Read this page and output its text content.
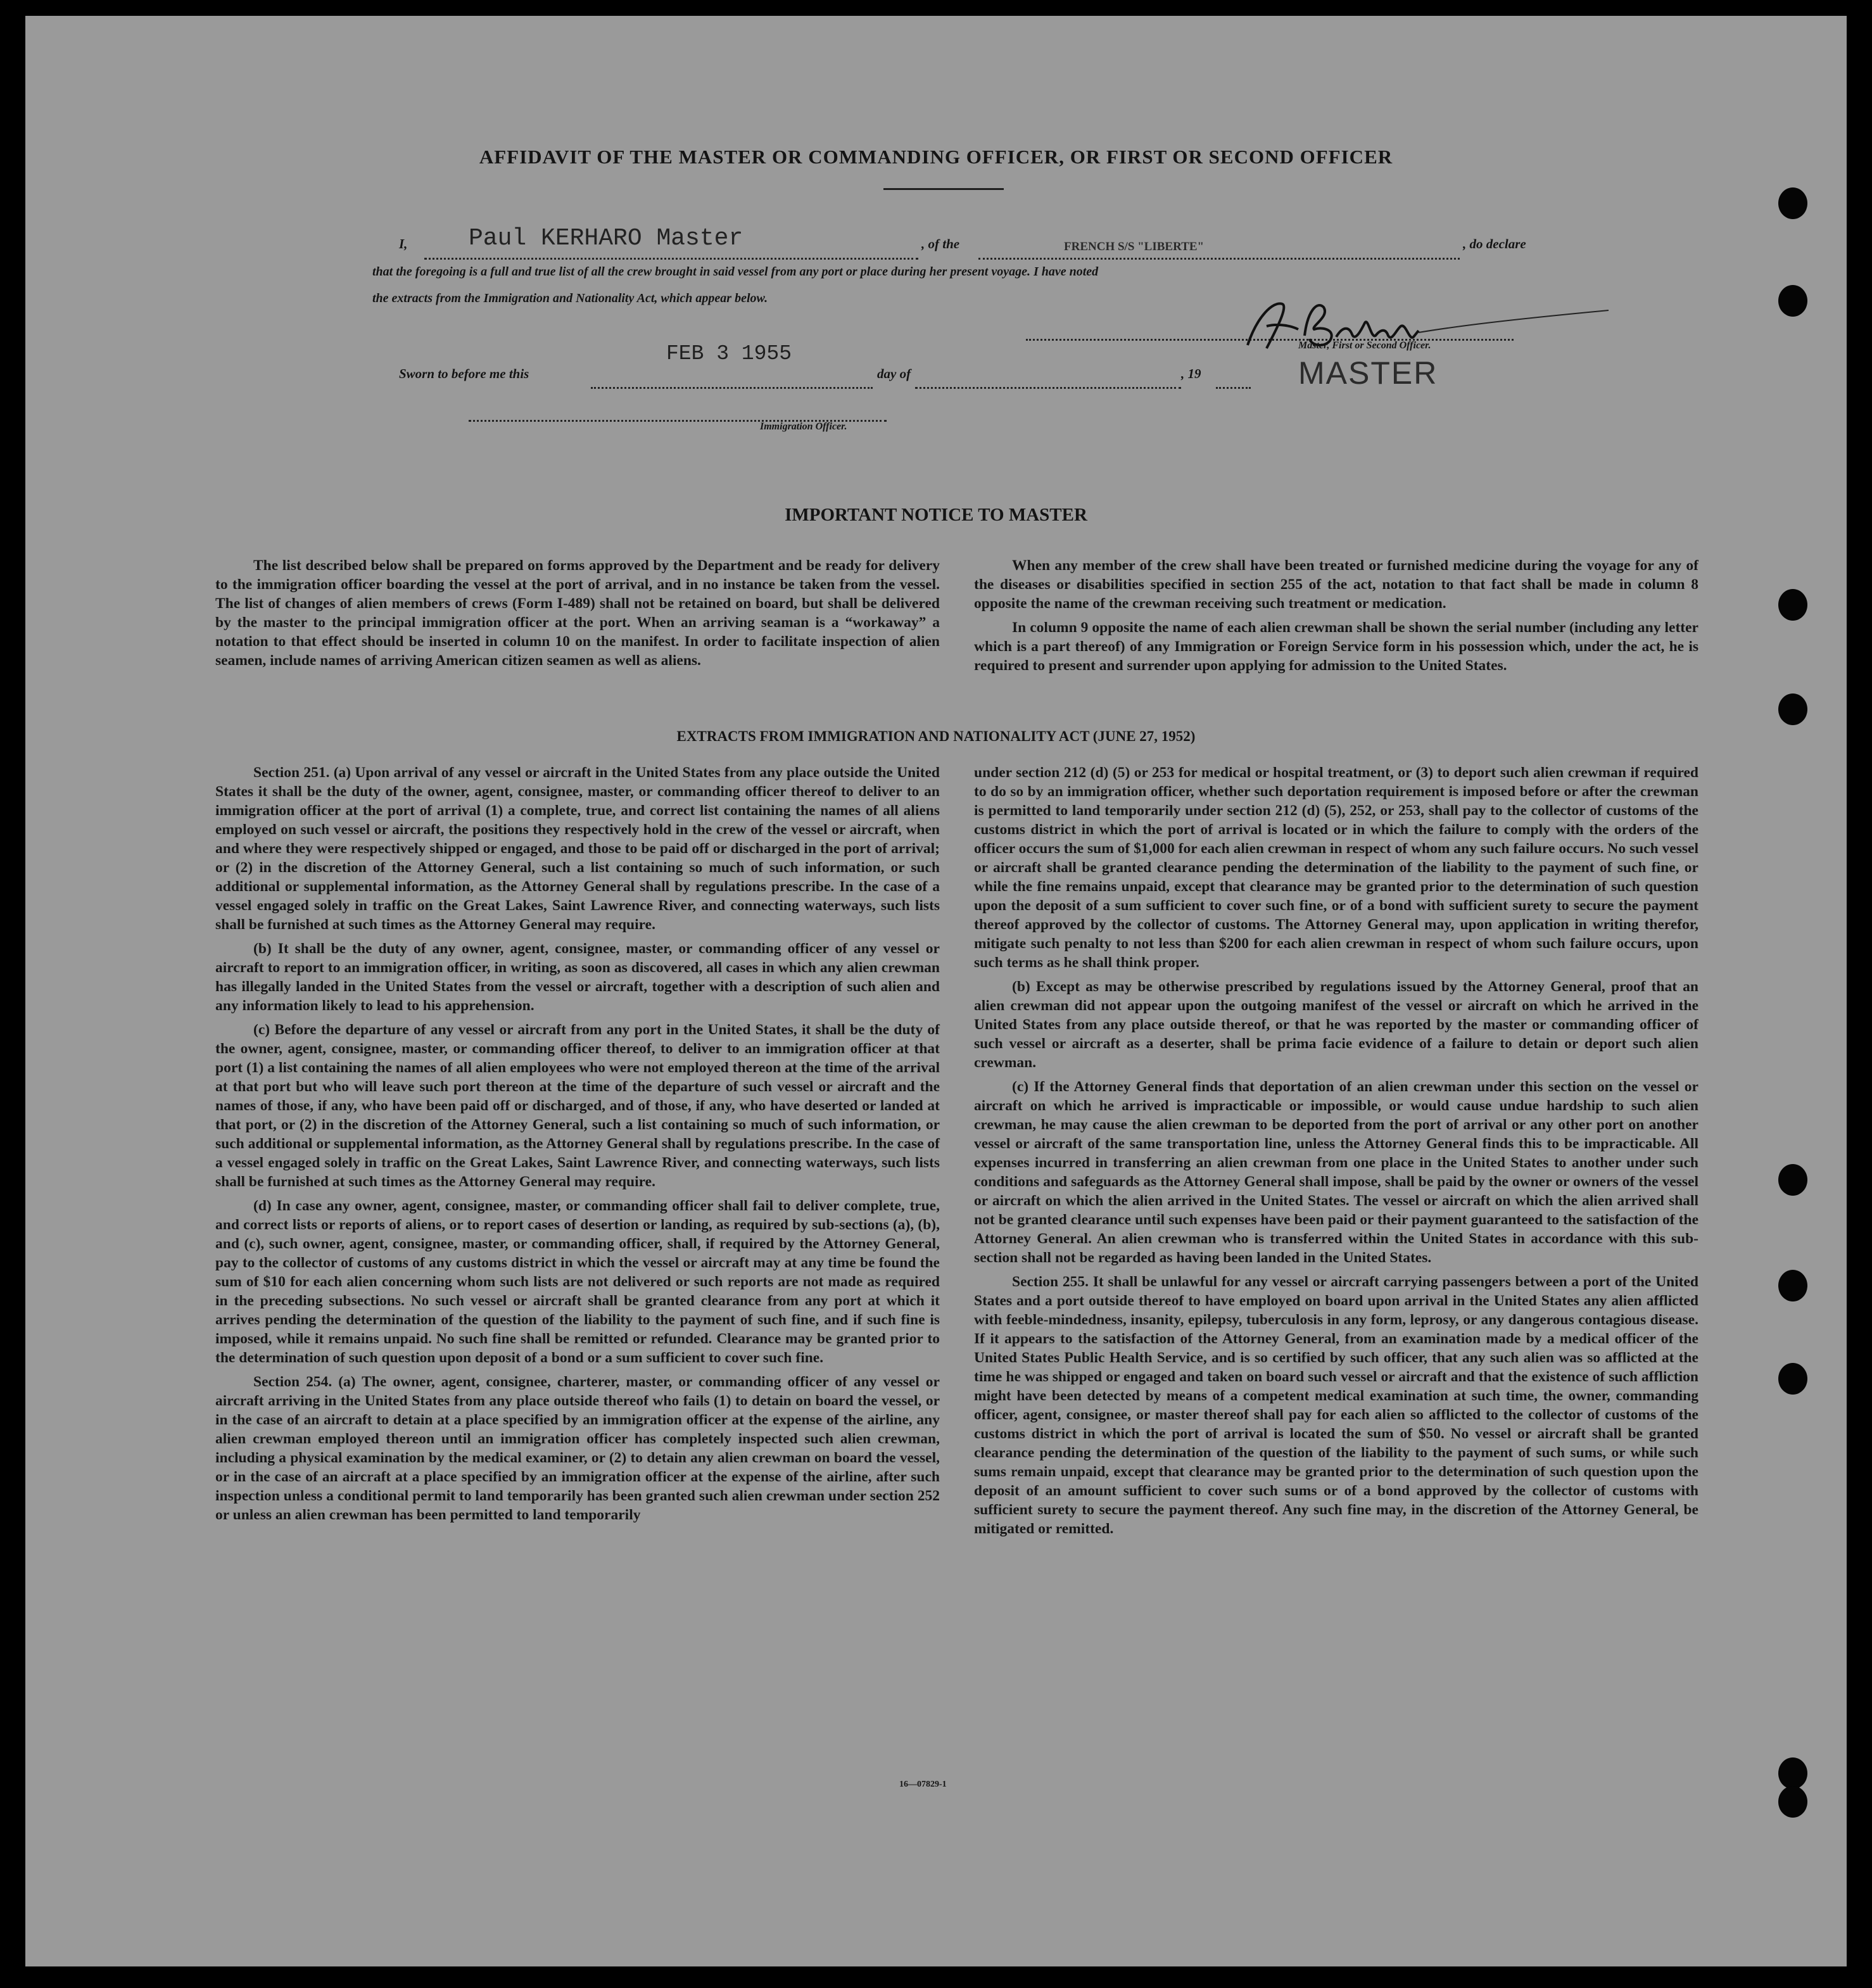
AFFIDAVIT OF THE MASTER OR COMMANDING OFFICER, OR FIRST OR SECOND OFFICER
I,	Paul KERHARO Master	, of the	FRENCH S/S "LIBERTE"	, do declare
that the foregoing is a full and true list of all the crew brought in said vessel from any port or place during her present voyage. I have noted
the extracts from the Immigration and Nationality Act, which appear below.
Master, First or Second Officer.
MASTER
Sworn to before me this
FEB 3 1955
day of	, 19
Immigration Officer.
IMPORTANT NOTICE TO MASTER

The list described below shall be prepared on forms approved by the Department and be ready for delivery to the immigration officer boarding the vessel at the port of arrival, and in no instance be taken from the vessel. The list of changes of alien members of crews (Form I-489) shall not be retained on board, but shall be delivered by the master to the principal immigration officer at the port. When an arriving seaman is a “workaway” a notation to that effect should be inserted in column 10 on the manifest. In order to facilitate inspection of alien seamen, include names of arriving American citizen seamen as well as aliens.

When any member of the crew shall have been treated or furnished medicine during the voyage for any of the diseases or disabilities specified in section 255 of the act, notation to that fact shall be made in column 8 opposite the name of the crewman receiving such treatment or medication.

In column 9 opposite the name of each alien crewman shall be shown the serial number (including any letter which is a part thereof) of any Immigration or Foreign Service form in his possession which, under the act, he is required to present and surrender upon applying for admission to the United States.

EXTRACTS FROM IMMIGRATION AND NATIONALITY ACT (JUNE 27, 1952)

Section 251. (a) Upon arrival of any vessel or aircraft in the United States from any place outside the United States it shall be the duty of the owner, agent, consignee, master, or commanding officer thereof to deliver to an immigration officer at the port of arrival (1) a complete, true, and correct list containing the names of all aliens employed on such vessel or aircraft, the positions they respectively hold in the crew of the vessel or aircraft, when and where they were respectively shipped or engaged, and those to be paid off or discharged in the port of arrival; or (2) in the discretion of the Attorney General, such a list containing so much of such information, or such additional or supplemental information, as the Attorney General shall by regulations prescribe. In the case of a vessel engaged solely in traffic on the Great Lakes, Saint Lawrence River, and connecting waterways, such lists shall be furnished at such times as the Attorney General may require.

(b) It shall be the duty of any owner, agent, consignee, master, or commanding officer of any vessel or aircraft to report to an immigration officer, in writing, as soon as discovered, all cases in which any alien crewman has illegally landed in the United States from the vessel or aircraft, together with a description of such alien and any information likely to lead to his apprehension.

(c) Before the departure of any vessel or aircraft from any port in the United States, it shall be the duty of the owner, agent, consignee, master, or commanding officer thereof, to deliver to an immigration officer at that port (1) a list containing the names of all alien employees who were not employed thereon at the time of the arrival at that port but who will leave such port thereon at the time of the departure of such vessel or aircraft and the names of those, if any, who have been paid off or discharged, and of those, if any, who have deserted or landed at that port, or (2) in the discretion of the Attorney General, such a list containing so much of such information, or such additional or supplemental information, as the Attorney General shall by regulations prescribe. In the case of a vessel engaged solely in traffic on the Great Lakes, Saint Lawrence River, and connecting waterways, such lists shall be furnished at such times as the Attorney General may require.

(d) In case any owner, agent, consignee, master, or commanding officer shall fail to deliver complete, true, and correct lists or reports of aliens, or to report cases of desertion or landing, as required by sub-sections (a), (b), and (c), such owner, agent, consignee, master, or commanding officer, shall, if required by the Attorney General, pay to the collector of customs of any customs district in which the vessel or aircraft may at any time be found the sum of $10 for each alien concerning whom such lists are not delivered or such reports are not made as required in the preceding subsections. No such vessel or aircraft shall be granted clearance from any port at which it arrives pending the determination of the question of the liability to the payment of such fine, and if such fine is imposed, while it remains unpaid. No such fine shall be remitted or refunded. Clearance may be granted prior to the determination of such question upon deposit of a bond or a sum sufficient to cover such fine.

Section 254. (a) The owner, agent, consignee, charterer, master, or commanding officer of any vessel or aircraft arriving in the United States from any place outside thereof who fails (1) to detain on board the vessel, or in the case of an aircraft to detain at a place specified by an immigration officer at the expense of the airline, any alien crewman employed thereon until an immigration officer has completely inspected such alien crewman, including a physical examination by the medical examiner, or (2) to detain any alien crewman on board the vessel, or in the case of an aircraft at a place specified by an immigration officer at the expense of the airline, after such inspection unless a conditional permit to land temporarily has been granted such alien crewman under section 252 or unless an alien crewman has been permitted to land temporarily

under section 212 (d) (5) or 253 for medical or hospital treatment, or (3) to deport such alien crewman if required to do so by an immigration officer, whether such deportation requirement is imposed before or after the crewman is permitted to land temporarily under section 212 (d) (5), 252, or 253, shall pay to the collector of customs of the customs district in which the port of arrival is located or in which the failure to comply with the orders of the officer occurs the sum of $1,000 for each alien crewman in respect of whom any such failure occurs. No such vessel or aircraft shall be granted clearance pending the determination of the liability to the payment of such fine, or while the fine remains unpaid, except that clearance may be granted prior to the determination of such question upon the deposit of a sum sufficient to cover such fine, or of a bond with sufficient surety to secure the payment thereof approved by the collector of customs. The Attorney General may, upon application in writing therefor, mitigate such penalty to not less than $200 for each alien crewman in respect of whom such failure occurs, upon such terms as he shall think proper.

(b) Except as may be otherwise prescribed by regulations issued by the Attorney General, proof that an alien crewman did not appear upon the outgoing manifest of the vessel or aircraft on which he arrived in the United States from any place outside thereof, or that he was reported by the master or commanding officer of such vessel or aircraft as a deserter, shall be prima facie evidence of a failure to detain or deport such alien crewman.

(c) If the Attorney General finds that deportation of an alien crewman under this section on the vessel or aircraft on which he arrived is impracticable or impossible, or would cause undue hardship to such alien crewman, he may cause the alien crewman to be deported from the port of arrival or any other port on another vessel or aircraft of the same transportation line, unless the Attorney General finds this to be impracticable. All expenses incurred in transferring an alien crewman from one place in the United States to another under such conditions and safeguards as the Attorney General shall impose, shall be paid by the owner or owners of the vessel or aircraft on which the alien arrived in the United States. The vessel or aircraft on which the alien arrived shall not be granted clearance until such expenses have been paid or their payment guaranteed to the satisfaction of the Attorney General. An alien crewman who is transferred within the United States in accordance with this sub-section shall not be regarded as having been landed in the United States.

Section 255. It shall be unlawful for any vessel or aircraft carrying passengers between a port of the United States and a port outside thereof to have employed on board upon arrival in the United States any alien afflicted with feeble-mindedness, insanity, epilepsy, tuberculosis in any form, leprosy, or any dangerous contagious disease. If it appears to the satisfaction of the Attorney General, from an examination made by a medical officer of the United States Public Health Service, and is so certified by such officer, that any such alien was so afflicted at the time he was shipped or engaged and taken on board such vessel or aircraft and that the existence of such affliction might have been detected by means of a competent medical examination at such time, the owner, commanding officer, agent, consignee, or master thereof shall pay for each alien so afflicted to the collector of customs of the customs district in which the port of arrival is located the sum of $50. No vessel or aircraft shall be granted clearance pending the determination of the question of the liability to the payment of such sums, or while such sums remain unpaid, except that clearance may be granted prior to the determination of such question upon the deposit of an amount sufficient to cover such sums or of a bond approved by the collector of customs with sufficient surety to secure the payment thereof. Any such fine may, in the discretion of the Attorney General, be mitigated or remitted.

16—07829-1
